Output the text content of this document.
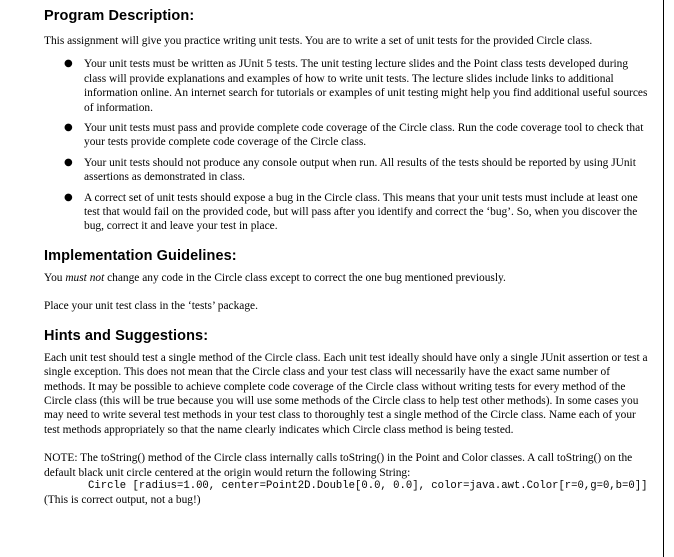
Program Description:

This assignment will give you practice writing unit tests. You are to write a set of unit tests for the provided Circle class.

● Your unit tests must be written as JUnit 5 tests. The unit testing lecture slides and the Point class tests developed during class will provide explanations and examples of how to write unit tests. The lecture slides include links to additional information online. An internet search for tutorials or examples of unit testing might help you find additional useful sources of information.
● Your unit tests must pass and provide complete code coverage of the Circle class. Run the code coverage tool to check that your tests provide complete code coverage of the Circle class.
● Your unit tests should not produce any console output when run. All results of the tests should be reported by using JUnit assertions as demonstrated in class.
● A correct set of unit tests should expose a bug in the Circle class. This means that your unit tests must include at least one test that would fail on the provided code, but will pass after you identify and correct the ‘bug’. So, when you discover the bug, correct it and leave your test in place.
Implementation Guidelines:

You must not change any code in the Circle class except to correct the one bug mentioned previously.

Place your unit test class in the ‘tests’ package.

Hints and Suggestions:

Each unit test should test a single method of the Circle class. Each unit test ideally should have only a single JUnit assertion or test a single exception. This does not mean that the Circle class and your test class will necessarily have the exact same number of methods. It may be possible to achieve complete code coverage of the Circle class without writing tests for every method of the Circle class (this will be true because you will use some methods of the Circle class to help test other methods). In some cases you may need to write several test methods in your test class to thoroughly test a single method of the Circle class. Name each of your test methods appropriately so that the name clearly indicates which Circle class method is being tested.

NOTE: The toString() method of the Circle class internally calls toString() in the Point and Color classes. A call toString() on the default black unit circle centered at the origin would return the following String:

Circle [radius=1.00, center=Point2D.Double[0.0, 0.0], color=java.awt.Color[r=0,g=0,b=0]]

(This is correct output, not a bug!)
